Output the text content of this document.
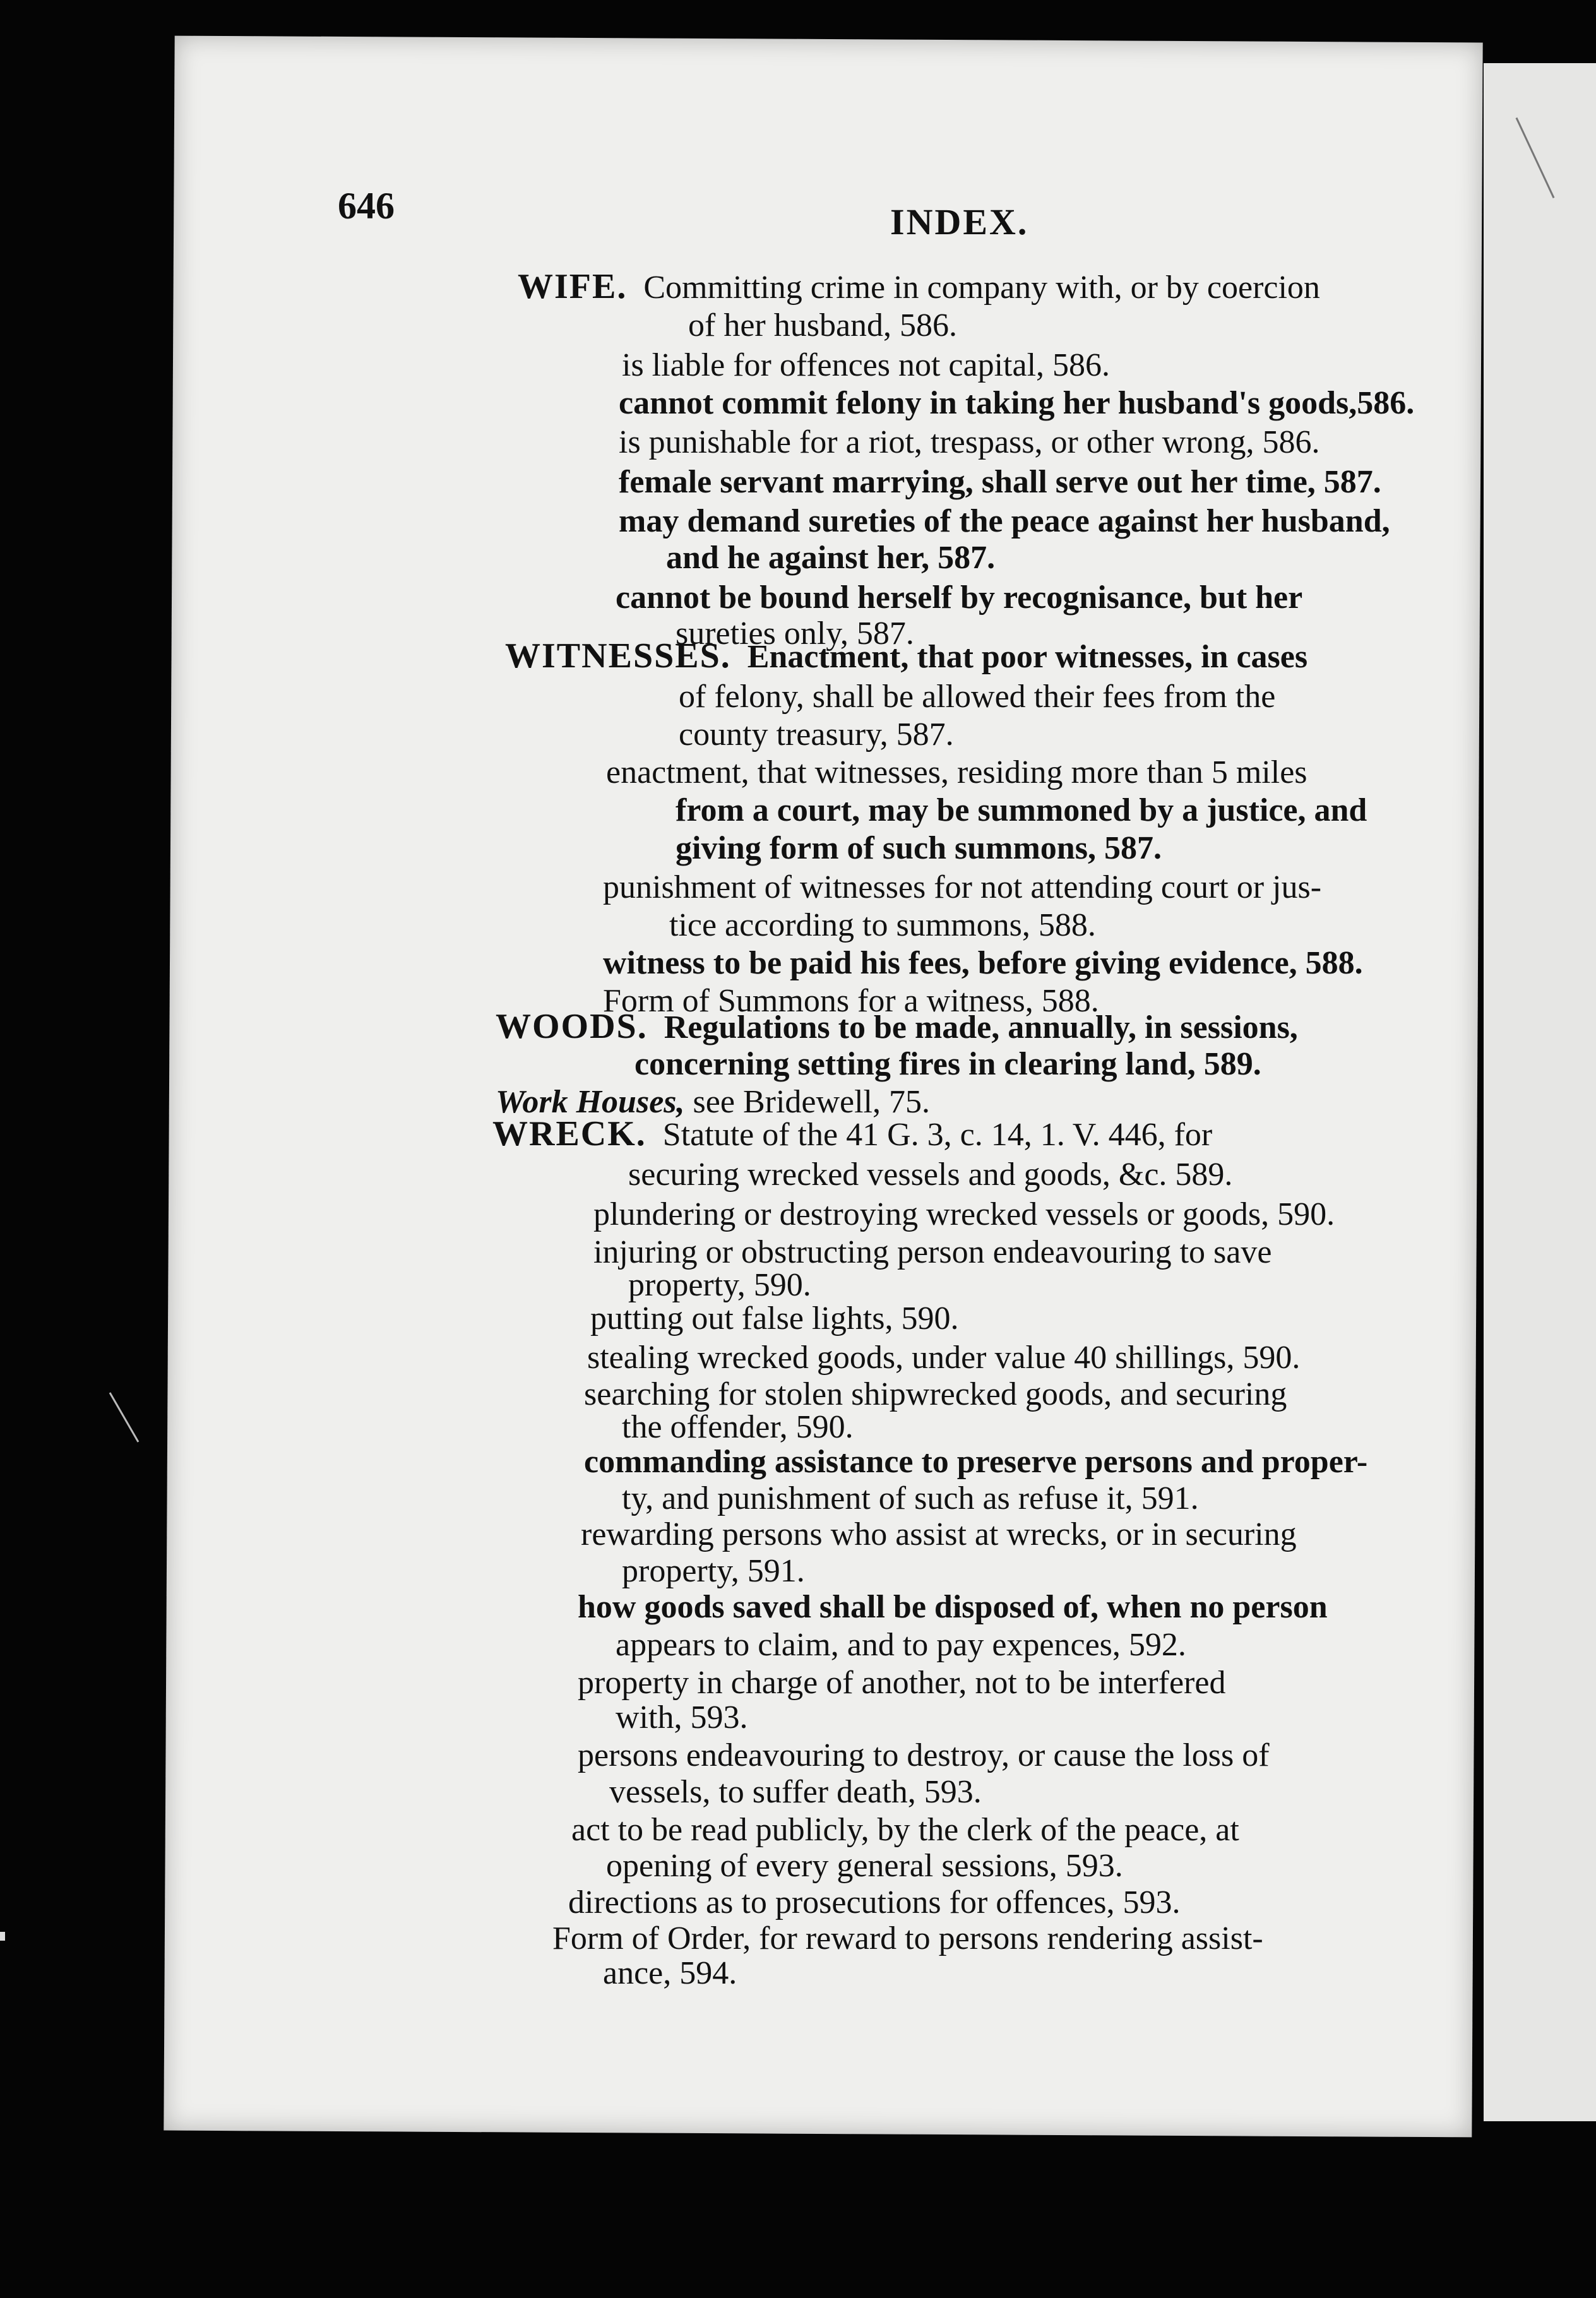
646	INDEX.
WIFE. Committing crime in company with, or by coercion
of her husband, 586.
is liable for offences not capital, 586.
cannot commit felony in taking her husband's goods,586.
is punishable for a riot, trespass, or other wrong, 586.
female servant marrying, shall serve out her time, 587.
may demand sureties of the peace against her husband,
and he against her, 587.
cannot be bound herself by recognisance, but her
sureties only, 587.
WITNESSES. Enactment, that poor witnesses, in cases
of felony, shall be allowed their fees from the
county treasury, 587.
enactment, that witnesses, residing more than 5 miles
from a court, may be summoned by a justice, and
giving form of such summons, 587.
punishment of witnesses for not attending court or jus-
tice according to summons, 588.
witness to be paid his fees, before giving evidence, 588.
Form of Summons for a witness, 588.
WOODS. Regulations to be made, annually, in sessions,
concerning setting fires in clearing land, 589.
Work Houses, see Bridewell, 75.
WRECK. Statute of the 41 G. 3, c. 14, 1. V. 446, for
securing wrecked vessels and goods, &c. 589.
plundering or destroying wrecked vessels or goods, 590.
injuring or obstructing person endeavouring to save
property, 590.
putting out false lights, 590.
stealing wrecked goods, under value 40 shillings, 590.
searching for stolen shipwrecked goods, and securing
the offender, 590.
commanding assistance to preserve persons and proper-
ty, and punishment of such as refuse it, 591.
rewarding persons who assist at wrecks, or in securing
property, 591.
how goods saved shall be disposed of, when no person
appears to claim, and to pay expences, 592.
property in charge of another, not to be interfered
with, 593.
persons endeavouring to destroy, or cause the loss of
vessels, to suffer death, 593.
act to be read publicly, by the clerk of the peace, at
opening of every general sessions, 593.
directions as to prosecutions for offences, 593.
Form of Order, for reward to persons rendering assist-
ance, 594.
